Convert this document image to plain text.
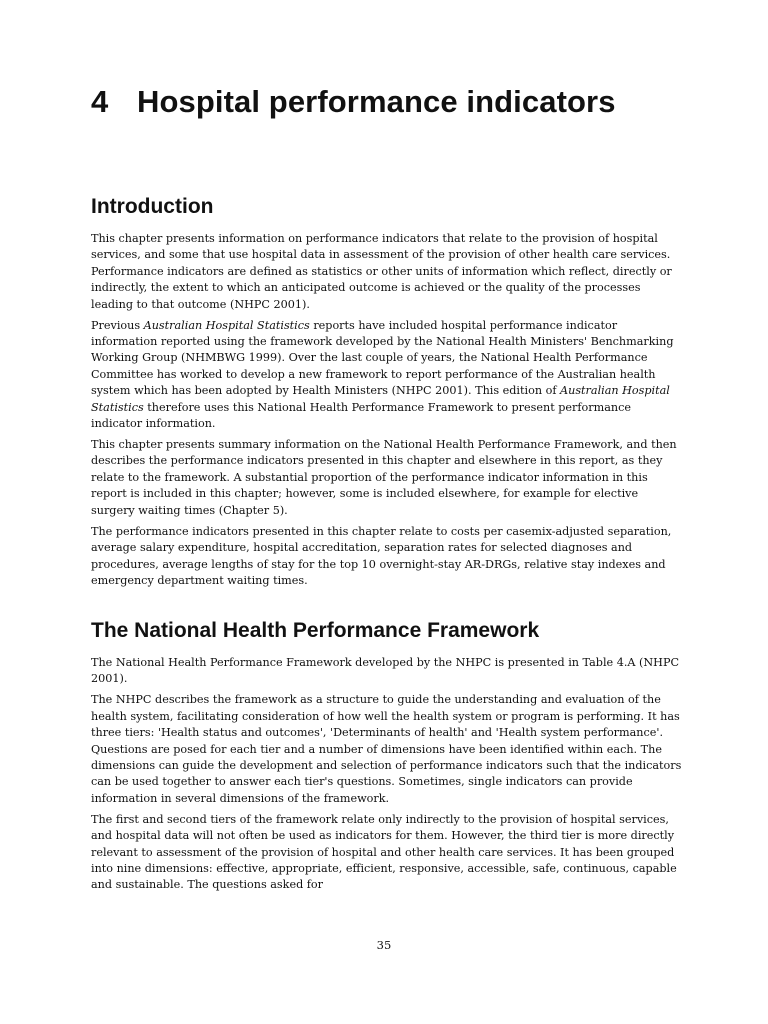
4 Hospital performance indicators
Introduction

This chapter presents information on performance indicators that relate to the provision of hospital services, and some that use hospital data in assessment of the provision of other health care services. Performance indicators are defined as statistics or other units of information which reflect, directly or indirectly, the extent to which an anticipated outcome is achieved or the quality of the processes leading to that outcome (NHPC 2001).

Previous Australian Hospital Statistics reports have included hospital performance indicator information reported using the framework developed by the National Health Ministers' Benchmarking Working Group (NHMBWG 1999). Over the last couple of years, the National Health Performance Committee has worked to develop a new framework to report performance of the Australian health system which has been adopted by Health Ministers (NHPC 2001). This edition of Australian Hospital Statistics therefore uses this National Health Performance Framework to present performance indicator information.

This chapter presents summary information on the National Health Performance Framework, and then describes the performance indicators presented in this chapter and elsewhere in this report, as they relate to the framework. A substantial proportion of the performance indicator information in this report is included in this chapter; however, some is included elsewhere, for example for elective surgery waiting times (Chapter 5).

The performance indicators presented in this chapter relate to costs per casemix-adjusted separation, average salary expenditure, hospital accreditation, separation rates for selected diagnoses and procedures, average lengths of stay for the top 10 overnight-stay AR-DRGs, relative stay indexes and emergency department waiting times.

The National Health Performance Framework

The National Health Performance Framework developed by the NHPC is presented in Table 4.A (NHPC 2001).

The NHPC describes the framework as a structure to guide the understanding and evaluation of the health system, facilitating consideration of how well the health system or program is performing. It has three tiers: 'Health status and outcomes', 'Determinants of health' and 'Health system performance'. Questions are posed for each tier and a number of dimensions have been identified within each. The dimensions can guide the development and selection of performance indicators such that the indicators can be used together to answer each tier's questions. Sometimes, single indicators can provide information in several dimensions of the framework.

The first and second tiers of the framework relate only indirectly to the provision of hospital services, and hospital data will not often be used as indicators for them. However, the third tier is more directly relevant to assessment of the provision of hospital and other health care services. It has been grouped into nine dimensions: effective, appropriate, efficient, responsive, accessible, safe, continuous, capable and sustainable. The questions asked for

35
